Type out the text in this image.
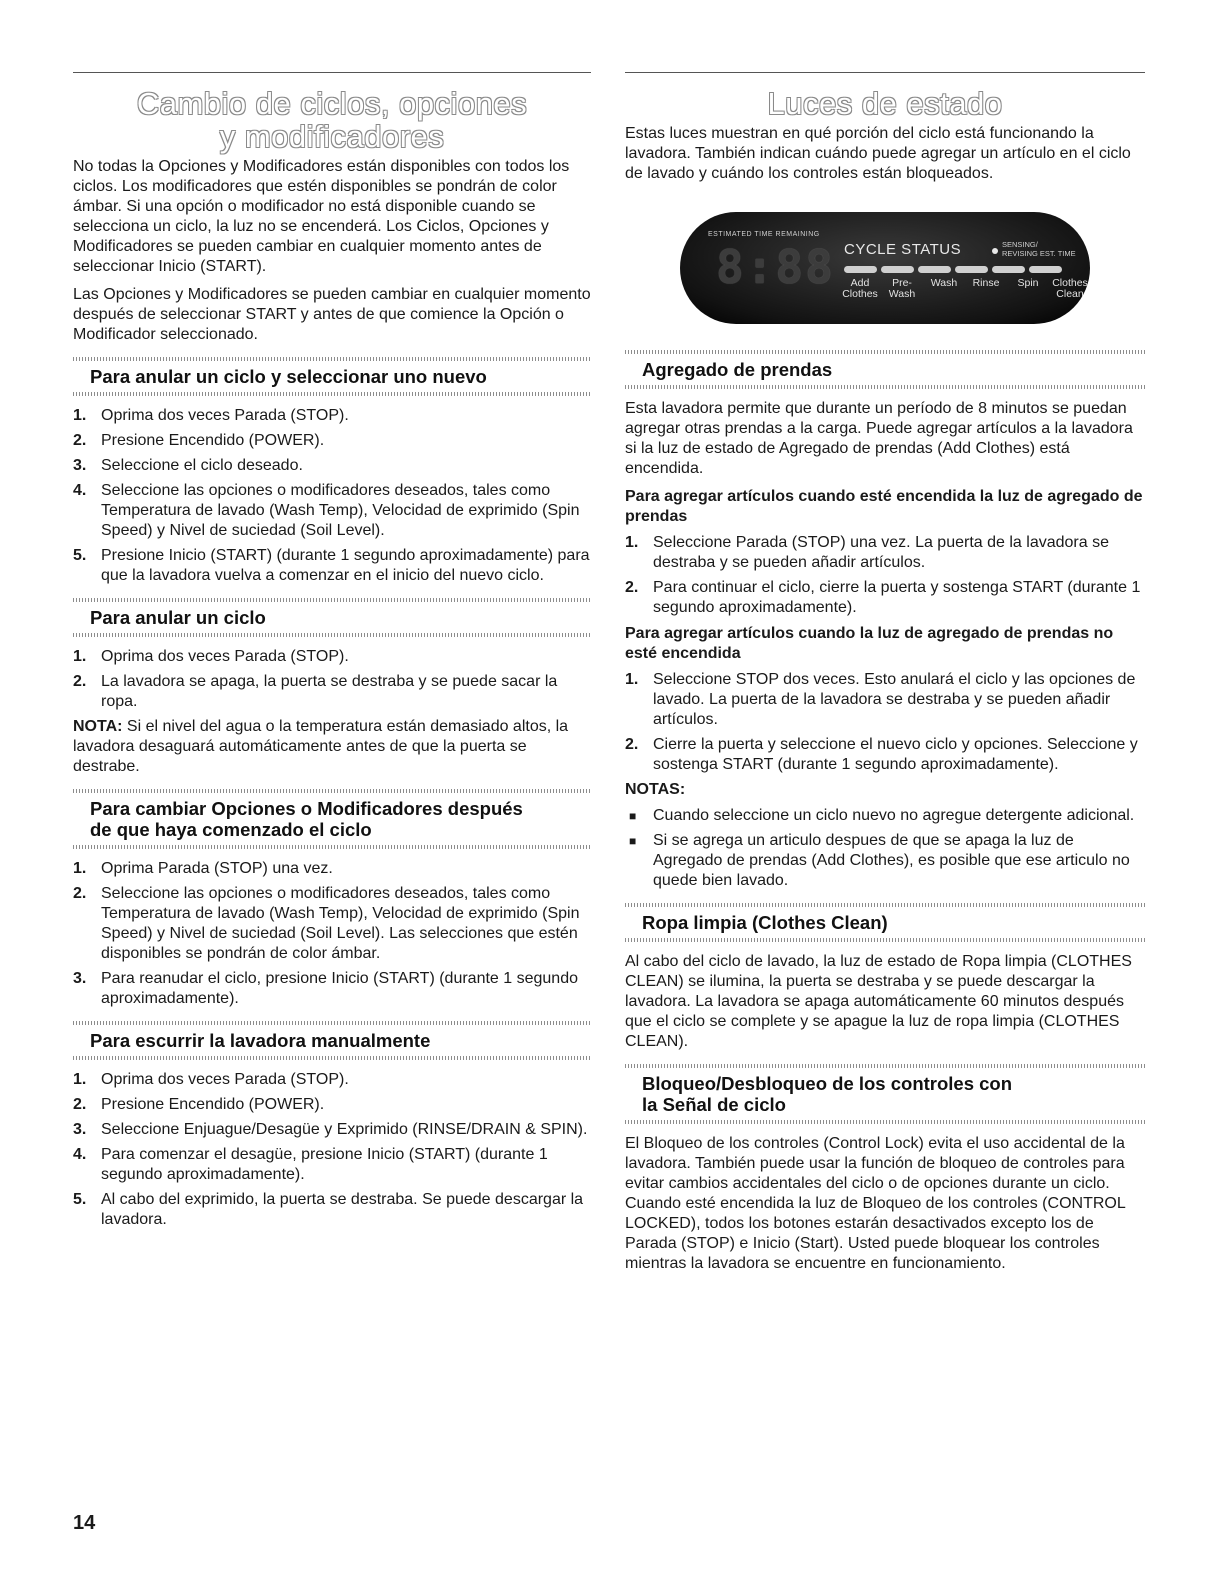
Cambio de ciclos, opciones
y modificadores

No todas la Opciones y Modificadores están disponibles con todos los ciclos. Los modificadores que estén disponibles se pondrán de color ámbar. Si una opción o modificador no está disponible cuando se selecciona un ciclo, la luz no se encenderá. Los Ciclos, Opciones y Modificadores se pueden cambiar en cualquier momento antes de seleccionar Inicio (START).

Las Opciones y Modificadores se pueden cambiar en cualquier momento después de seleccionar START y antes de que comience la Opción o Modificador seleccionado.

Para anular un ciclo y seleccionar uno nuevo
1. Oprima dos veces Parada (STOP).
2. Presione Encendido (POWER).
3. Seleccione el ciclo deseado.
4. Seleccione las opciones o modificadores deseados, tales como Temperatura de lavado (Wash Temp), Velocidad de exprimido (Spin Speed) y Nivel de suciedad (Soil Level).
5. Presione Inicio (START) (durante 1 segundo aproximadamente) para que la lavadora vuelva a comenzar en el inicio del nuevo ciclo.
Para anular un ciclo
1. Oprima dos veces Parada (STOP).
2. La lavadora se apaga, la puerta se destraba y se puede sacar la ropa.

NOTA: Si el nivel del agua o la temperatura están demasiado altos, la lavadora desaguará automáticamente antes de que la puerta se destrabe.

Para cambiar Opciones o Modificadores después
de que haya comenzado el ciclo
1. Oprima Parada (STOP) una vez.
2. Seleccione las opciones o modificadores deseados, tales como Temperatura de lavado (Wash Temp), Velocidad de exprimido (Spin Speed) y Nivel de suciedad (Soil Level). Las selecciones que estén disponibles se pondrán de color ámbar.
3. Para reanudar el ciclo, presione Inicio (START) (durante 1 segundo aproximadamente).
Para escurrir la lavadora manualmente
1. Oprima dos veces Parada (STOP).
2. Presione Encendido (POWER).
3. Seleccione Enjuague/Desagüe y Exprimido (RINSE/DRAIN & SPIN).
4. Para comenzar el desagüe, presione Inicio (START) (durante 1 segundo aproximadamente).
5. Al cabo del exprimido, la puerta se destraba. Se puede descargar la lavadora.
Luces de estado

Estas luces muestran en qué porción del ciclo está funcionando la lavadora. También indican cuándo puede agregar un artículo en el ciclo de lavado y cuándo los controles están bloqueados.

ESTIMATED TIME REMAINING
8:88 CYCLE STATUS	SENSING/
REVISING EST. TIME
Add Clothes
Pre- Wash
Wash	Rinse	Spin	Clothes Clean
Agregado de prendas

Esta lavadora permite que durante un período de 8 minutos se puedan agregar otras prendas a la carga. Puede agregar artículos a la lavadora si la luz de estado de Agregado de prendas (Add Clothes) está encendida.

Para agregar artículos cuando esté encendida la luz de agregado de prendas

1. Seleccione Parada (STOP) una vez. La puerta de la lavadora se destraba y se pueden añadir artículos.
2. Para continuar el ciclo, cierre la puerta y sostenga START (durante 1 segundo aproximadamente).

Para agregar artículos cuando la luz de agregado de prendas no esté encendida

1. Seleccione STOP dos veces. Esto anulará el ciclo y las opciones de lavado. La puerta de la lavadora se destraba y se pueden añadir artículos.
2. Cierre la puerta y seleccione el nuevo ciclo y opciones. Seleccione y sostenga START (durante 1 segundo aproximadamente).

NOTAS:

■ Cuando seleccione un ciclo nuevo no agregue detergente adicional.
■ Si se agrega un articulo despues de que se apaga la luz de Agregado de prendas (Add Clothes), es posible que ese articulo no quede bien lavado.
Ropa limpia (Clothes Clean)

Al cabo del ciclo de lavado, la luz de estado de Ropa limpia (CLOTHES CLEAN) se ilumina, la puerta se destraba y se puede descargar la lavadora. La lavadora se apaga automáticamente 60 minutos después que el ciclo se complete y se apague la luz de ropa limpia (CLOTHES CLEAN).

Bloqueo/Desbloqueo de los controles con
la Señal de ciclo

El Bloqueo de los controles (Control Lock) evita el uso accidental de la lavadora. También puede usar la función de bloqueo de controles para evitar cambios accidentales del ciclo o de opciones durante un ciclo. Cuando esté encendida la luz de Bloqueo de los controles (CONTROL LOCKED), todos los botones estarán desactivados excepto los de Parada (STOP) e Inicio (Start). Usted puede bloquear los controles mientras la lavadora se encuentre en funcionamiento.

14
